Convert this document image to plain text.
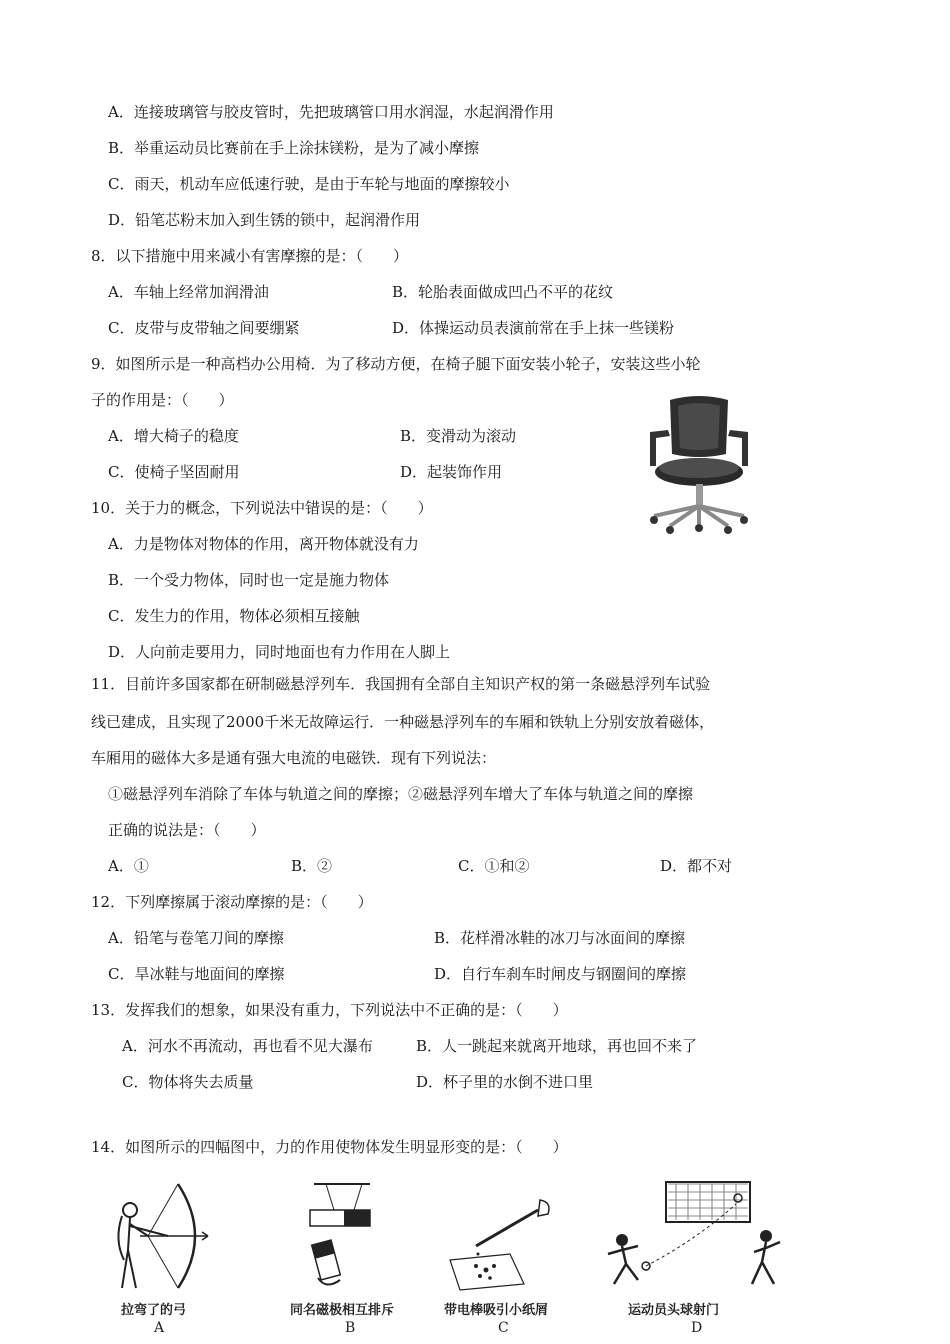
A．连接玻璃管与胶皮管时，先把玻璃管口用水润湿，水起润滑作用
B．举重运动员比赛前在手上涂抹镁粉，是为了减小摩擦
C．雨天，机动车应低速行驶，是由于车轮与地面的摩擦较小
D．铅笔芯粉末加入到生锈的锁中，起润滑作用
8．以下措施中用来减小有害摩擦的是：（　　）
A．车轴上经常加润滑油	B．轮胎表面做成凹凸不平的花纹
C．皮带与皮带轴之间要绷紧	D．体操运动员表演前常在手上抹一些镁粉
9．如图所示是一种高档办公用椅．为了移动方便，在椅子腿下面安装小轮子，安装这些小轮
子的作用是：（　　）
A．增大椅子的稳度	B．变滑动为滚动
C．使椅子坚固耐用	D．起装饰作用
10．关于力的概念，下列说法中错误的是：（　　）
A．力是物体对物体的作用，离开物体就没有力
B．一个受力物体，同时也一定是施力物体
C．发生力的作用，物体必须相互接触
D．人向前走要用力，同时地面也有力作用在人脚上
11．目前许多国家都在研制磁悬浮列车．我国拥有全部自主知识产权的第一条磁悬浮列车试验
线已建成，且实现了2000千米无故障运行．一种磁悬浮列车的车厢和铁轨上分别安放着磁体，
车厢用的磁体大多是通有强大电流的电磁铁．现有下列说法：
①磁悬浮列车消除了车体与轨道之间的摩擦；②磁悬浮列车增大了车体与轨道之间的摩擦
正确的说法是：（　　）
A．①	B．②	C．①和②	D．都不对
12．下列摩擦属于滚动摩擦的是：（　　）
A．铅笔与卷笔刀间的摩擦	B．花样滑冰鞋的冰刀与冰面间的摩擦
C．旱冰鞋与地面间的摩擦	D．自行车刹车时闸皮与钢圈间的摩擦
13．发挥我们的想象，如果没有重力，下列说法中不正确的是：（　　）
A．河水不再流动，再也看不见大瀑布	B．人一跳起来就离开地球，再也回不来了
C．物体将失去质量	D．杯子里的水倒不进口里
14．如图所示的四幅图中，力的作用使物体发生明显形变的是：（　　）
拉弯了的弓
A
同名磁极相互排斥
B
带电棒吸引小纸屑
C
运动员头球射门
D
